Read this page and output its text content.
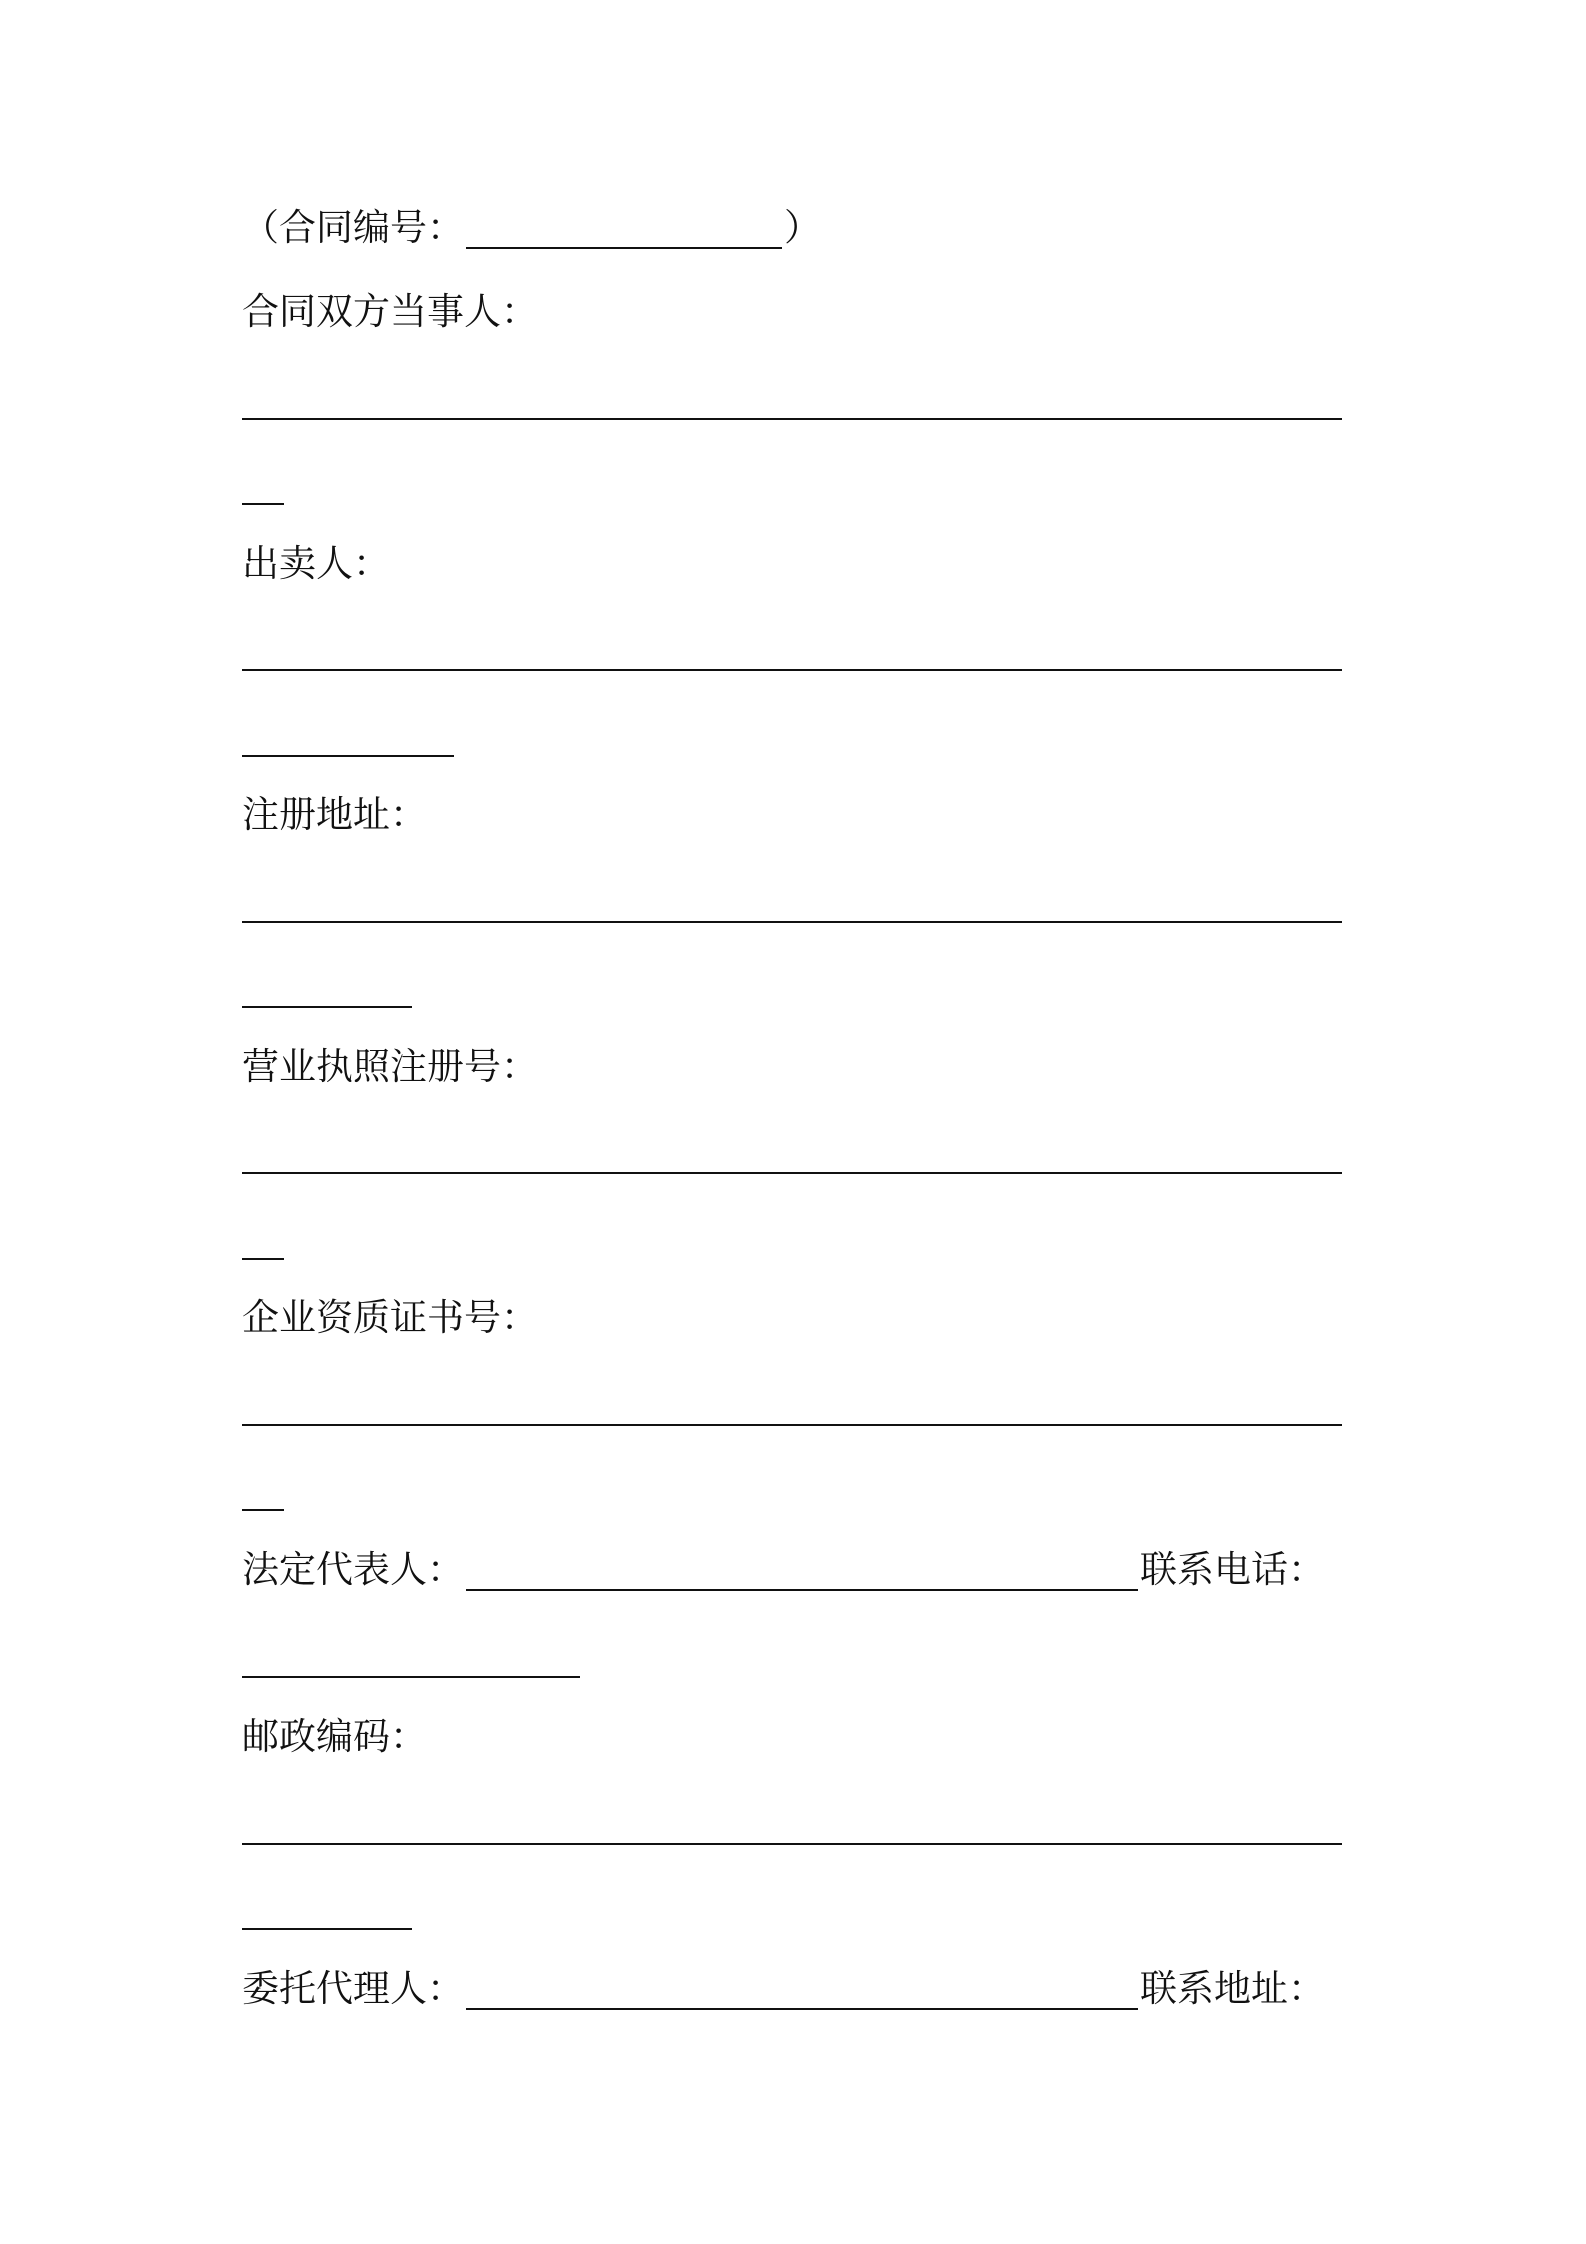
（ 合同编号：	）
合同双方当事人：
出卖人：
注册地址：
营业执照注册号：
企业资质证书号：
法定代表人：	联系电话：
邮政编码：
委托代理人：	联系地址：
